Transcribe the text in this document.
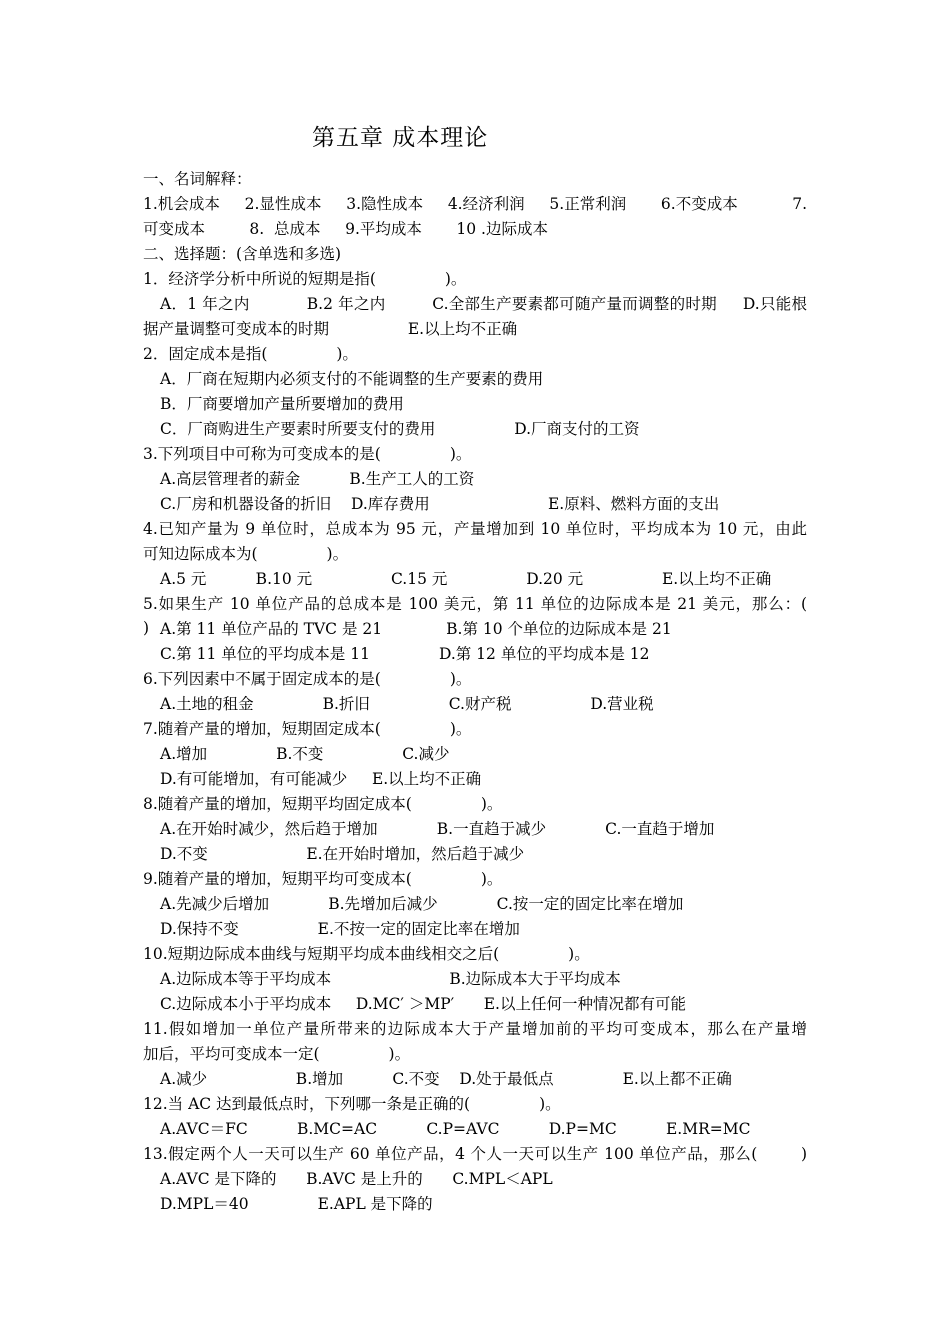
第五章 成本理论
一、名词解释：
1.机会成本     2.显性成本     3.隐性成本     4.经济利润     5.正常利润       6.不变成本           7.
可变成本         8.  总成本     9.平均成本       10 .边际成本
二、选择题：(含单选和多选)
1．经济学分析中所说的短期是指(              )。
A．1 年之内           B.2 年之内         C.全部生产要素都可随产量而调整的时期     D.只能根
据产量调整可变成本的时期                E.以上均不正确
2．固定成本是指(              )。
A．厂商在短期内必须支付的不能调整的生产要素的费用
B．厂商要增加产量所要增加的费用
C．厂商购进生产要素时所要支付的费用                D.厂商支付的工资
3.下列项目中可称为可变成本的是(              )。
A.高层管理者的薪金          B.生产工人的工资
C.厂房和机器设备的折旧    D.库存费用                        E.原料、燃料方面的支出
4.已知产量为 9 单位时，总成本为 95 元，产量增加到 10 单位时，平均成本为 10 元，由此
可知边际成本为(              )。
A.5 元          B.10 元                C.15 元                D.20 元                E.以上均不正确
5.如果生产 10 单位产品的总成本是 100 美元，第 11 单位的边际成本是 21 美元，那么：(          ) A.第 11 单位产品的 TVC 是 21             B.第 10 个单位的边际成本是 21
C.第 11 单位的平均成本是 11              D.第 12 单位的平均成本是 12
6.下列因素中不属于固定成本的是(              )。
A.土地的租金              B.折旧                C.财产税                D.营业税
7.随着产量的增加，短期固定成本(              )。
A.增加              B.不变                C.减少
D.有可能增加，有可能减少     E.以上均不正确
8.随着产量的增加，短期平均固定成本(              )。
A.在开始时减少，然后趋于增加            B.一直趋于减少            C.一直趋于增加
D.不变                    E.在开始时增加，然后趋于减少
9.随着产量的增加，短期平均可变成本(              )。
A.先减少后增加            B.先增加后减少            C.按一定的固定比率在增加
D.保持不变                E.不按一定的固定比率在增加
10.短期边际成本曲线与短期平均成本曲线相交之后(              )。
A.边际成本等于平均成本                        B.边际成本大于平均成本
C.边际成本小于平均成本     D.MC′ ＞MP′      E.以上任何一种情况都有可能
11.假如增加一单位产量所带来的边际成本大于产量增加前的平均可变成本，那么在产量增
加后，平均可变成本一定(              )。
A.减少                  B.增加          C.不变    D.处于最低点              E.以上都不正确
12.当 AC 达到最低点时，下列哪一条是正确的(              )。
A.AVC＝FC          B.MC=AC          C.P=AVC          D.P=MC          E.MR=MC
13.假定两个人一天可以生产 60 单位产品，4 个人一天可以生产 100 单位产品，那么(        )
A.AVC 是下降的      B.AVC 是上升的      C.MPL＜APL
D.MPL＝40              E.APL 是下降的
